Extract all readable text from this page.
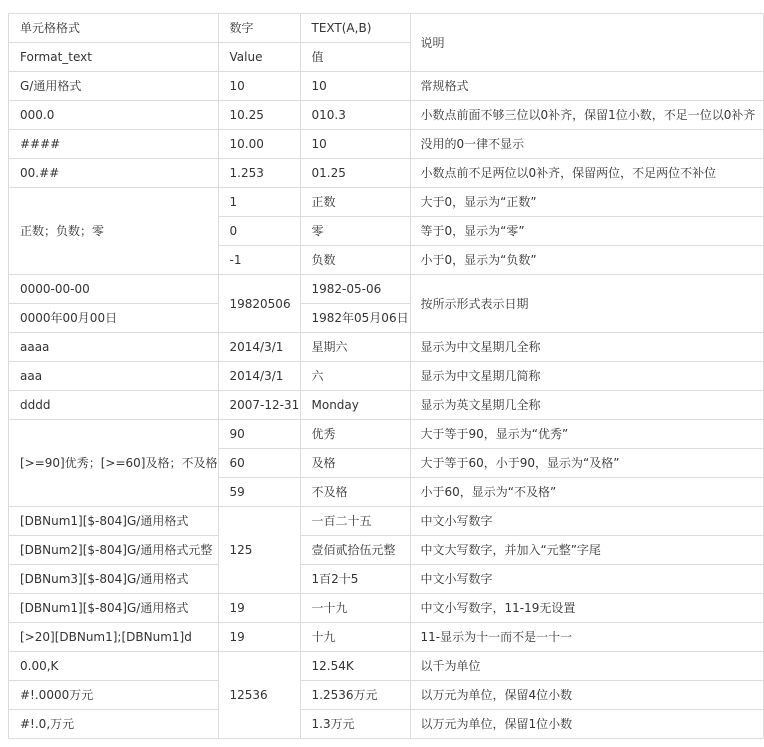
单元格格式	数字	TEXT(A,B)	说明
Format_text	Value	值	
G/通用格式	10	10	常规格式
000.0	10.25	010.3	小数点前面不够三位以0补齐，保留1位小数，不足一位以0补齐
####	10.00	10	没用的0一律不显示
00.##	1.253	01.25	小数点前不足两位以0补齐，保留两位，不足两位不补位
正数；负数；零	1	正数	大于0，显示为“正数”
	0	零	等于0，显示为“零”
	-1	负数	小于0，显示为“负数”
0000-00-00	19820506	1982-05-06	按所示形式表示日期
0000年00月00日		1982年05月06日	
aaaa	2014/3/1	星期六	显示为中文星期几全称
aaa	2014/3/1	六	显示为中文星期几简称
dddd	2007-12-31	Monday	显示为英文星期几全称
[>=90]优秀；[>=60]及格；不及格	90	优秀	大于等于90，显示为“优秀”
	60	及格	大于等于60，小于90，显示为“及格”
	59	不及格	小于60，显示为“不及格”
[DBNum1][$-804]G/通用格式	125	一百二十五	中文小写数字
[DBNum2][$-804]G/通用格式元整		壹佰贰拾伍元整	中文大写数字，并加入“元整”字尾
[DBNum3][$-804]G/通用格式		1百2十5	中文小写数字
[DBNum1][$-804]G/通用格式	19	一十九	中文小写数字，11-19无设置
[>20][DBNum1];[DBNum1]d	19	十九	11-显示为十一而不是一十一
0.00,K	12536	12.54K	以千为单位
#!.0000万元		1.2536万元	以万元为单位，保留4位小数
#!.0,万元		1.3万元	以万元为单位，保留1位小数
